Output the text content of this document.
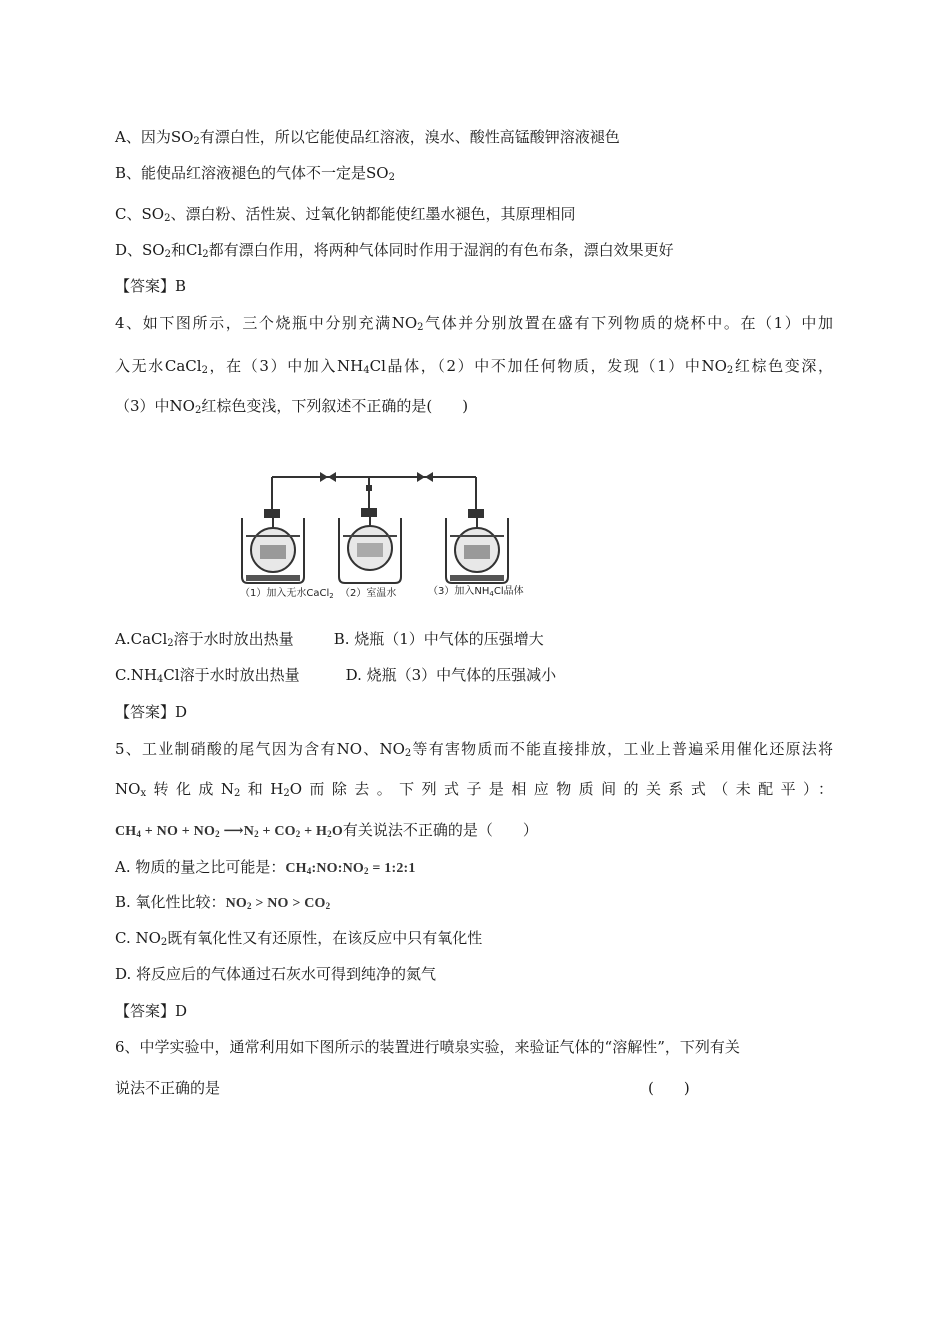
A、因为$SO_2$有漂白性，所以它能使品红溶液，溴水、酸性高锰酸钾溶液褪色
B、能使品红溶液褪色的气体不一定是$SO_2$
C、$SO_2$、漂白粉、活性炭、过氧化钠都能使红墨水褪色，其原理相同
D、$SO_2$和$Cl_2$都有漂白作用，将两种气体同时作用于湿润的有色布条，漂白效果更好
【答案】B
4、如下图所示，三个烧瓶中分别充满$NO_2$气体并分别放置在盛有下列物质的烧杯中。在（1）中加
入无水CaCl$_2$，在（3）中加入$NH_4Cl$晶体，（2）中不加任何物质，发现（1）中$NO_2$红棕色变深，
（3）中$NO_2$红棕色变浅，下列叙述不正确的是(　　)
（1）加入无水CaCl$_2$ （2）室温水	（3）加入$NH_4Cl$晶体
A.CaCl$_2$溶于水时放出热量	B. 烧瓶（1）中气体的压强增大
$C.NH_4Cl$溶于水时放出热量	D. 烧瓶（3）中气体的压强减小
【答案】D
5、工业制硝酸的尾气因为含有NO、$NO_2$等有害物质而不能直接排放，工业上普遍采用催化还原法将
$NO_x$转化成$N_2$和$H_2O$而除去。下列式子是相应物质间的关系式（未配平）：
$CH_4$ + NO + $NO_2$ $⟶N_2 + CO_2 + H_2O$有关说法不正确的是（　　）
A. 物质的量之比可能是：$CH_4:NO:NO_2$ = 1:2:1
B. 氧化性比较：$NO_2$ > NO > $CO_2$
C. $NO_2$既有氧化性又有还原性，在该反应中只有氧化性
D. 将反应后的气体通过石灰水可得到纯净的氮气
【答案】D
6、中学实验中，通常利用如下图所示的装置进行喷泉实验，来验证气体的“溶解性”，下列有关
说法不正确的是	(　　)
